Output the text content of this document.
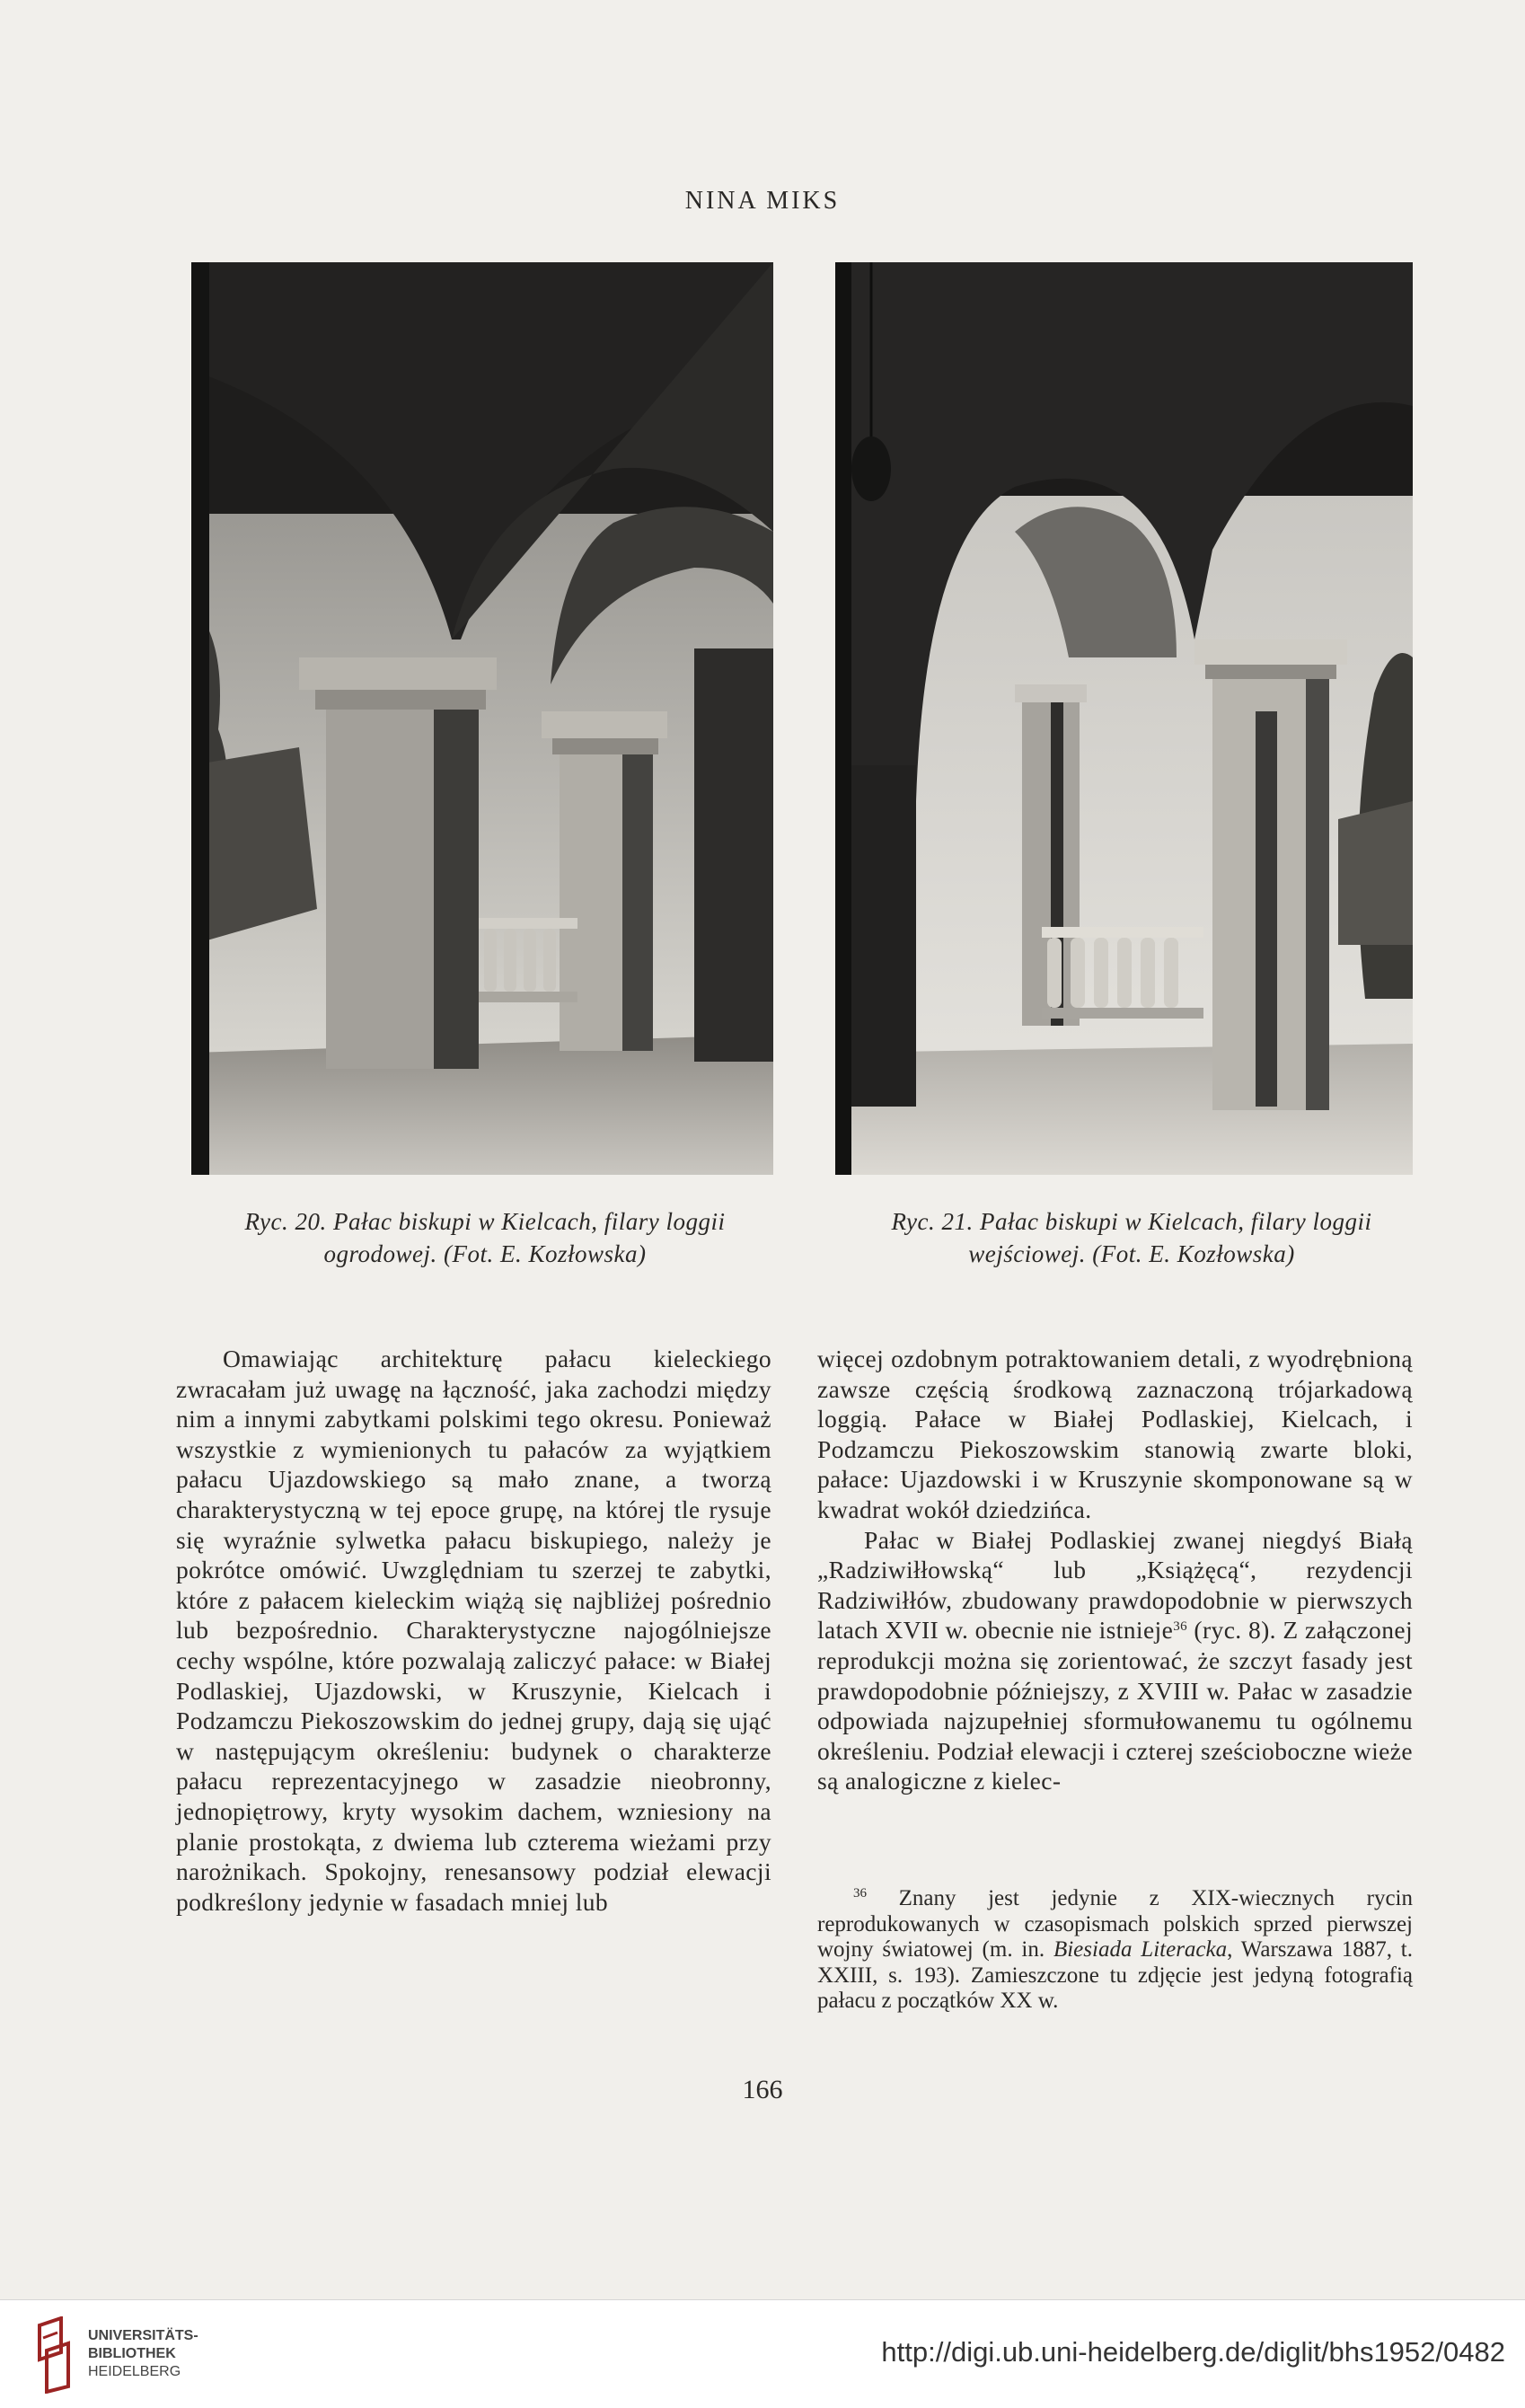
NINA MIKS
Ryc. 20. Pałac biskupi w Kielcach, filary loggii
ogrodowej. (Fot. E. Kozłowska)
Ryc. 21. Pałac biskupi w Kielcach, filary loggii
wejściowej. (Fot. E. Kozłowska)

Omawiając architekturę pałacu kieleckiego zwracałam już uwagę na łączność, jaka zachodzi między nim a innymi zabytkami polskimi tego okresu. Ponieważ wszystkie z wymienionych tu pałaców za wyjątkiem pałacu Ujazdowskiego są mało znane, a tworzą charakterystyczną w tej epoce grupę, na której tle rysuje się wyraźnie sylwetka pałacu biskupiego, należy je pokrótce omówić. Uwzględniam tu szerzej te zabytki, które z pałacem kieleckim wiążą się najbliżej pośrednio lub bezpośrednio. Charakterystyczne najogólniejsze cechy wspólne, które pozwalają zaliczyć pałace: w Białej Podlaskiej, Ujazdowski, w Kruszynie, Kielcach i Podzamczu Piekoszowskim do jednej grupy, dają się ująć w następującym określeniu: budynek o charakterze pałacu reprezentacyjnego w zasadzie nieobronny, jednopiętrowy, kryty wysokim dachem, wzniesiony na planie prostokąta, z dwiema lub czterema wieżami przy narożnikach. Spokojny, renesansowy podział elewacji podkreślony jedynie w fasadach mniej lub

więcej ozdobnym potraktowaniem detali, z wyodrębnioną zawsze częścią środkową zaznaczoną trójarkadową loggią. Pałace w Białej Podlaskiej, Kielcach, i Podzamczu Piekoszowskim stanowią zwarte bloki, pałace: Ujazdowski i w Kruszynie skomponowane są w kwadrat wokół dziedzińca.

Pałac w Białej Podlaskiej zwanej niegdyś Białą „Radziwiłłowską“ lub „Książęcą“, rezydencji Radziwiłłów, zbudowany prawdopodobnie w pierwszych latach XVII w. obecnie nie istnieje$^{36}$ (ryc. 8). Z załączonej reprodukcji można się zorientować, że szczyt fasady jest prawdopodobnie późniejszy, z XVIII w. Pałac w zasadzie odpowiada najzupełniej sformułowanemu tu ogólnemu określeniu. Podział elewacji i czterej sześcioboczne wieże są analogiczne z kielec-

$^{36}$ Znany jest jedynie z XIX-wiecznych rycin reprodukowanych w czasopismach polskich sprzed pierwszej wojny światowej (m. in. Biesiada Literacka, Warszawa 1887, t. XXIII, s. 193). Zamieszczone tu zdjęcie jest jedyną fotografią pałacu z początków XX w.

166
UNIVERSITÄTS-
BIBLIOTHEK
HEIDELBERG
http://digi.ub.uni-heidelberg.de/diglit/bhs1952/0482
